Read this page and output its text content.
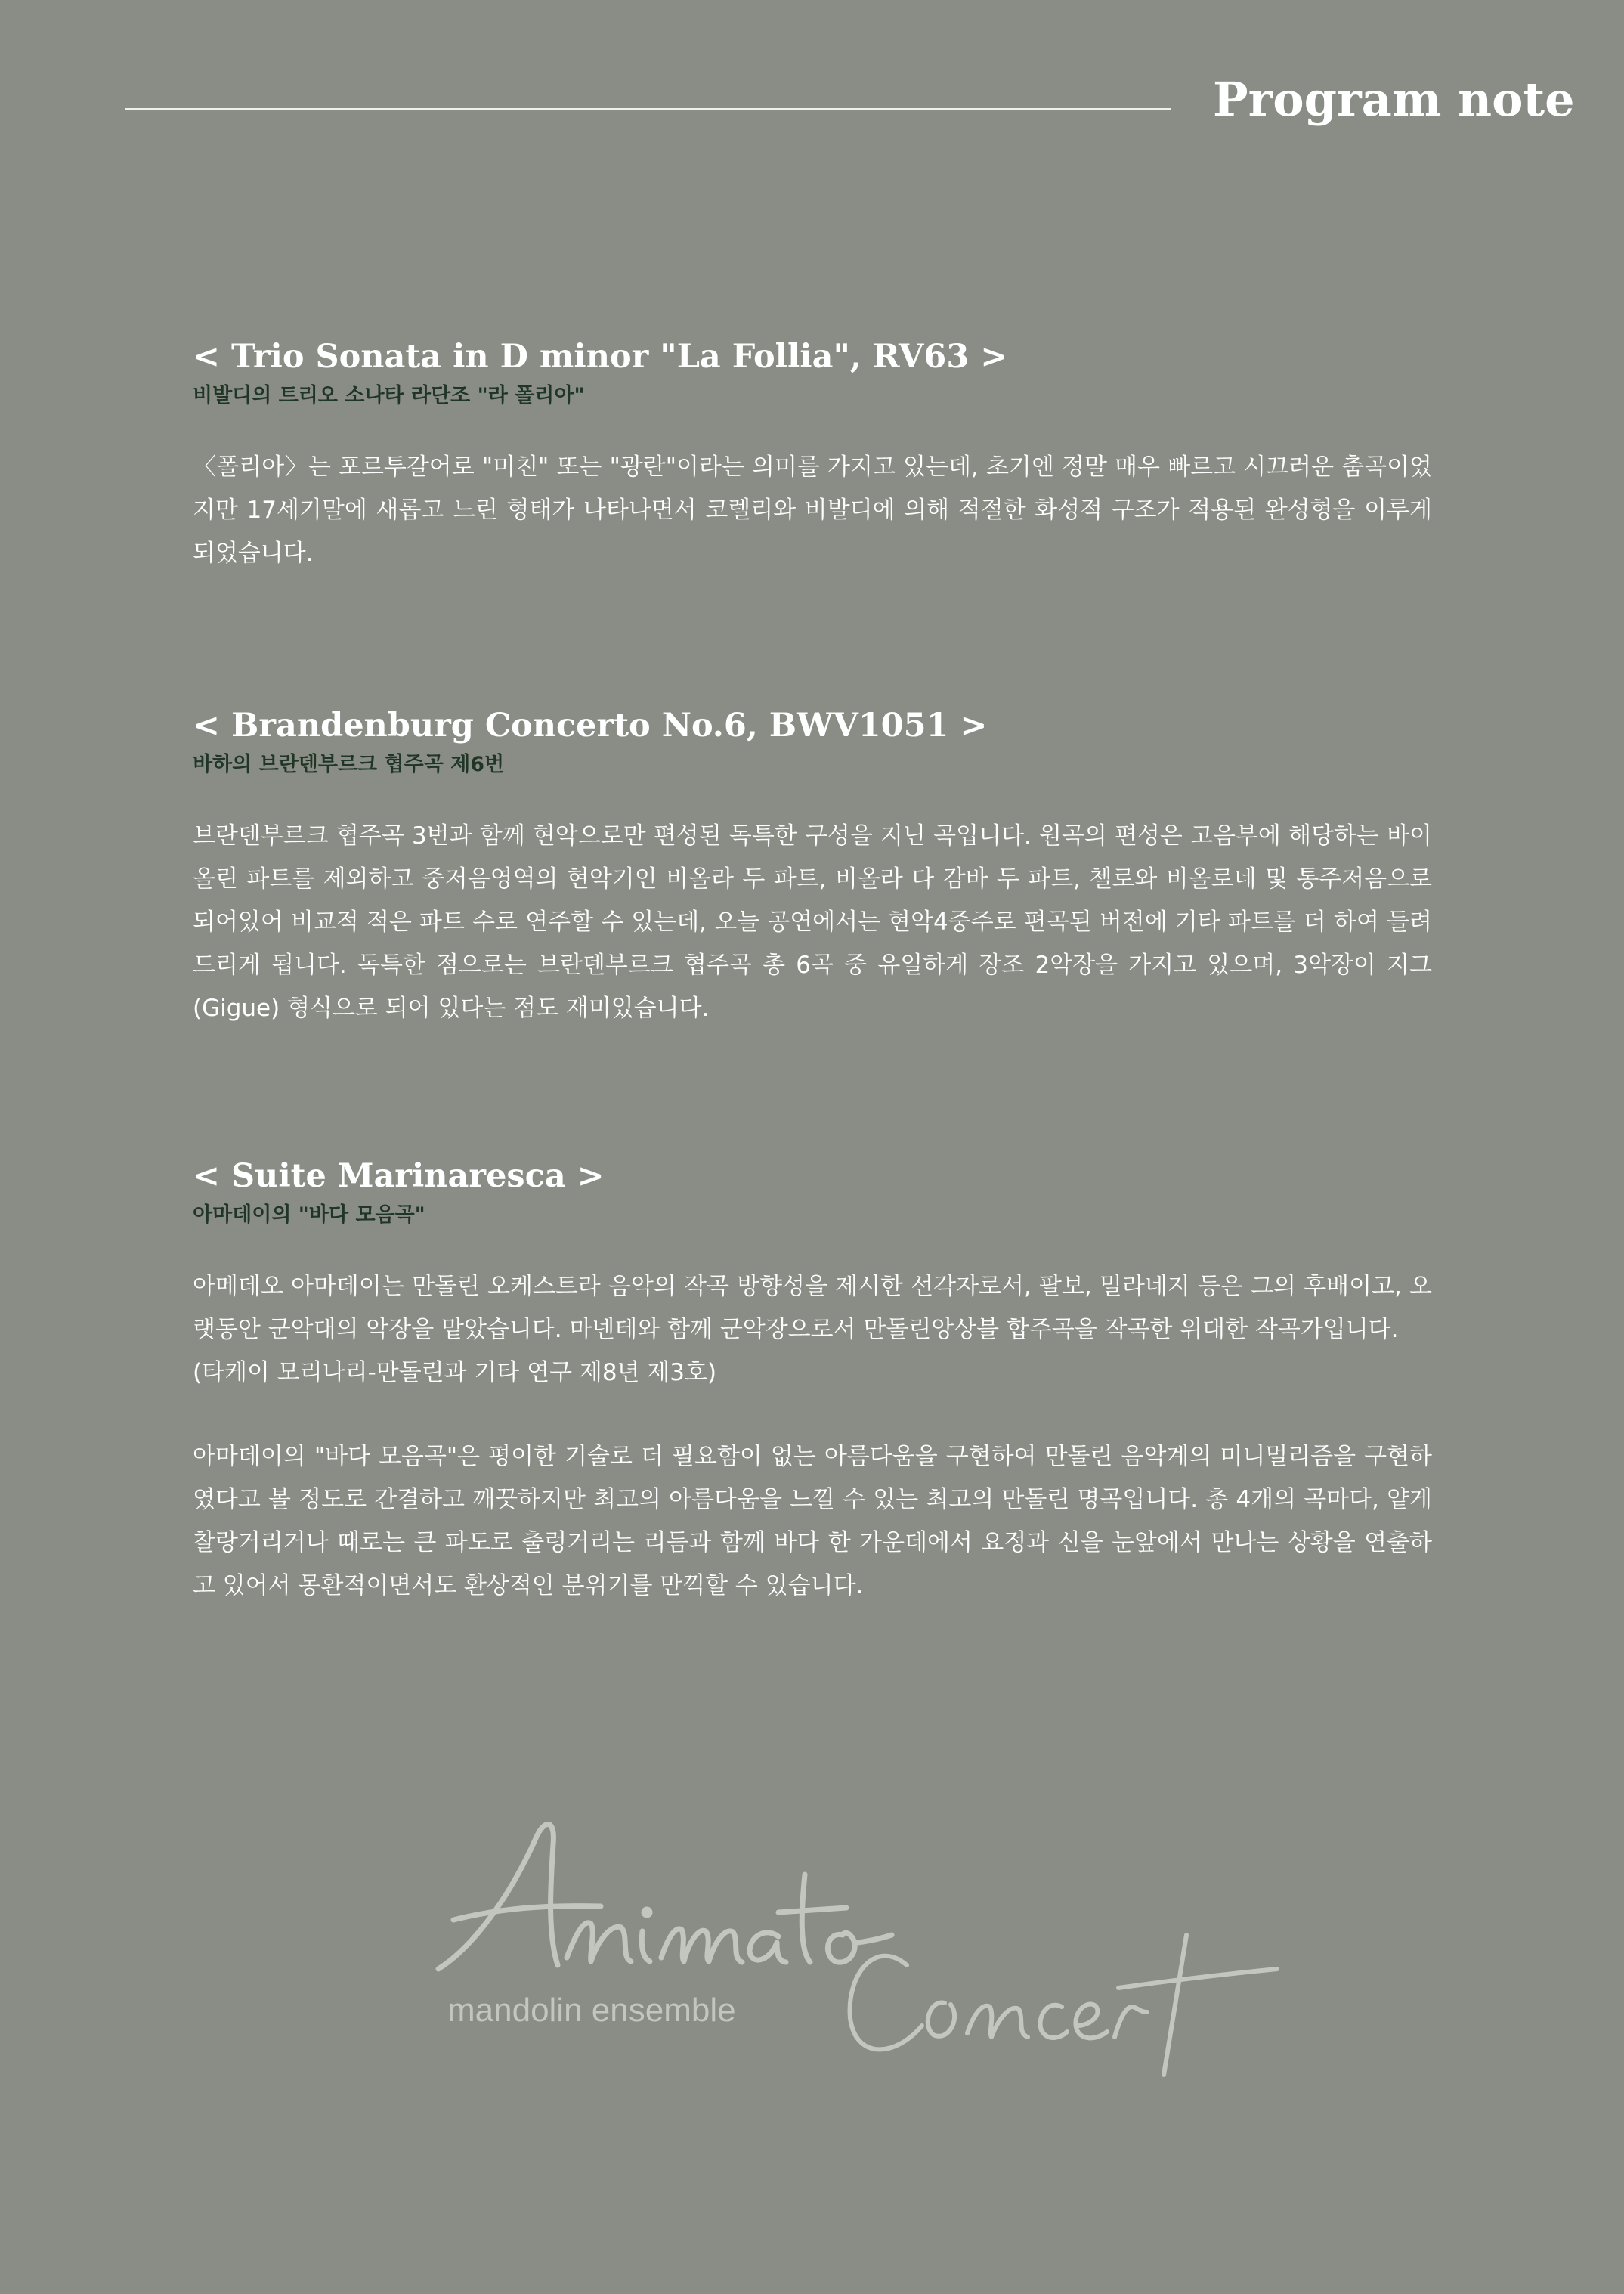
Program note

< Trio Sonata in D minor "La Follia", RV63 >

비발디의 트리오 소나타 라단조 "라 폴리아"

〈폴리아〉는 포르투갈어로 "미친" 또는 "광란"이라는 의미를 가지고 있는데, 초기엔 정말 매우 빠르고 시끄러운 춤곡이었지만 17세기말에 새롭고 느린 형태가 나타나면서 코렐리와 비발디에 의해 적절한 화성적 구조가 적용된 완성형을 이루게 되었습니다.

< Brandenburg Concerto No.6, BWV1051 >

바하의 브란덴부르크 협주곡 제6번

브란덴부르크 협주곡 3번과 함께 현악으로만 편성된 독특한 구성을 지닌 곡입니다. 원곡의 편성은 고음부에 해당하는 바이올린 파트를 제외하고 중저음영역의 현악기인 비올라 두 파트, 비올라 다 감바 두 파트, 첼로와 비올로네 및 통주저음으로 되어있어 비교적 적은 파트 수로 연주할 수 있는데, 오늘 공연에서는 현악4중주로 편곡된 버전에 기타 파트를 더 하여 들려드리게 됩니다. 독특한 점으로는 브란덴부르크 협주곡 총 6곡 중 유일하게 장조 2악장을 가지고 있으며, 3악장이 지그(Gigue) 형식으로 되어 있다는 점도 재미있습니다.

< Suite Marinaresca >

아마데이의 "바다 모음곡"

아메데오 아마데이는 만돌린 오케스트라 음악의 작곡 방향성을 제시한 선각자로서, 팔보, 밀라네지 등은 그의 후배이고, 오랫동안 군악대의 악장을 맡았습니다. 마넨테와 함께 군악장으로서 만돌린앙상블 합주곡을 작곡한 위대한 작곡가입니다.

(타케이 모리나리-만돌린과 기타 연구 제8년 제3호)

아마데이의 "바다 모음곡"은 평이한 기술로 더 필요함이 없는 아름다움을 구현하여 만돌린 음악계의 미니멀리즘을 구현하였다고 볼 정도로 간결하고 깨끗하지만 최고의 아름다움을 느낄 수 있는 최고의 만돌린 명곡입니다. 총 4개의 곡마다, 얕게 찰랑거리거나 때로는 큰 파도로 출렁거리는 리듬과 함께 바다 한 가운데에서 요정과 신을 눈앞에서 만나는 상황을 연출하고 있어서 몽환적이면서도 환상적인 분위기를 만끽할 수 있습니다.

mandolin ensemble
